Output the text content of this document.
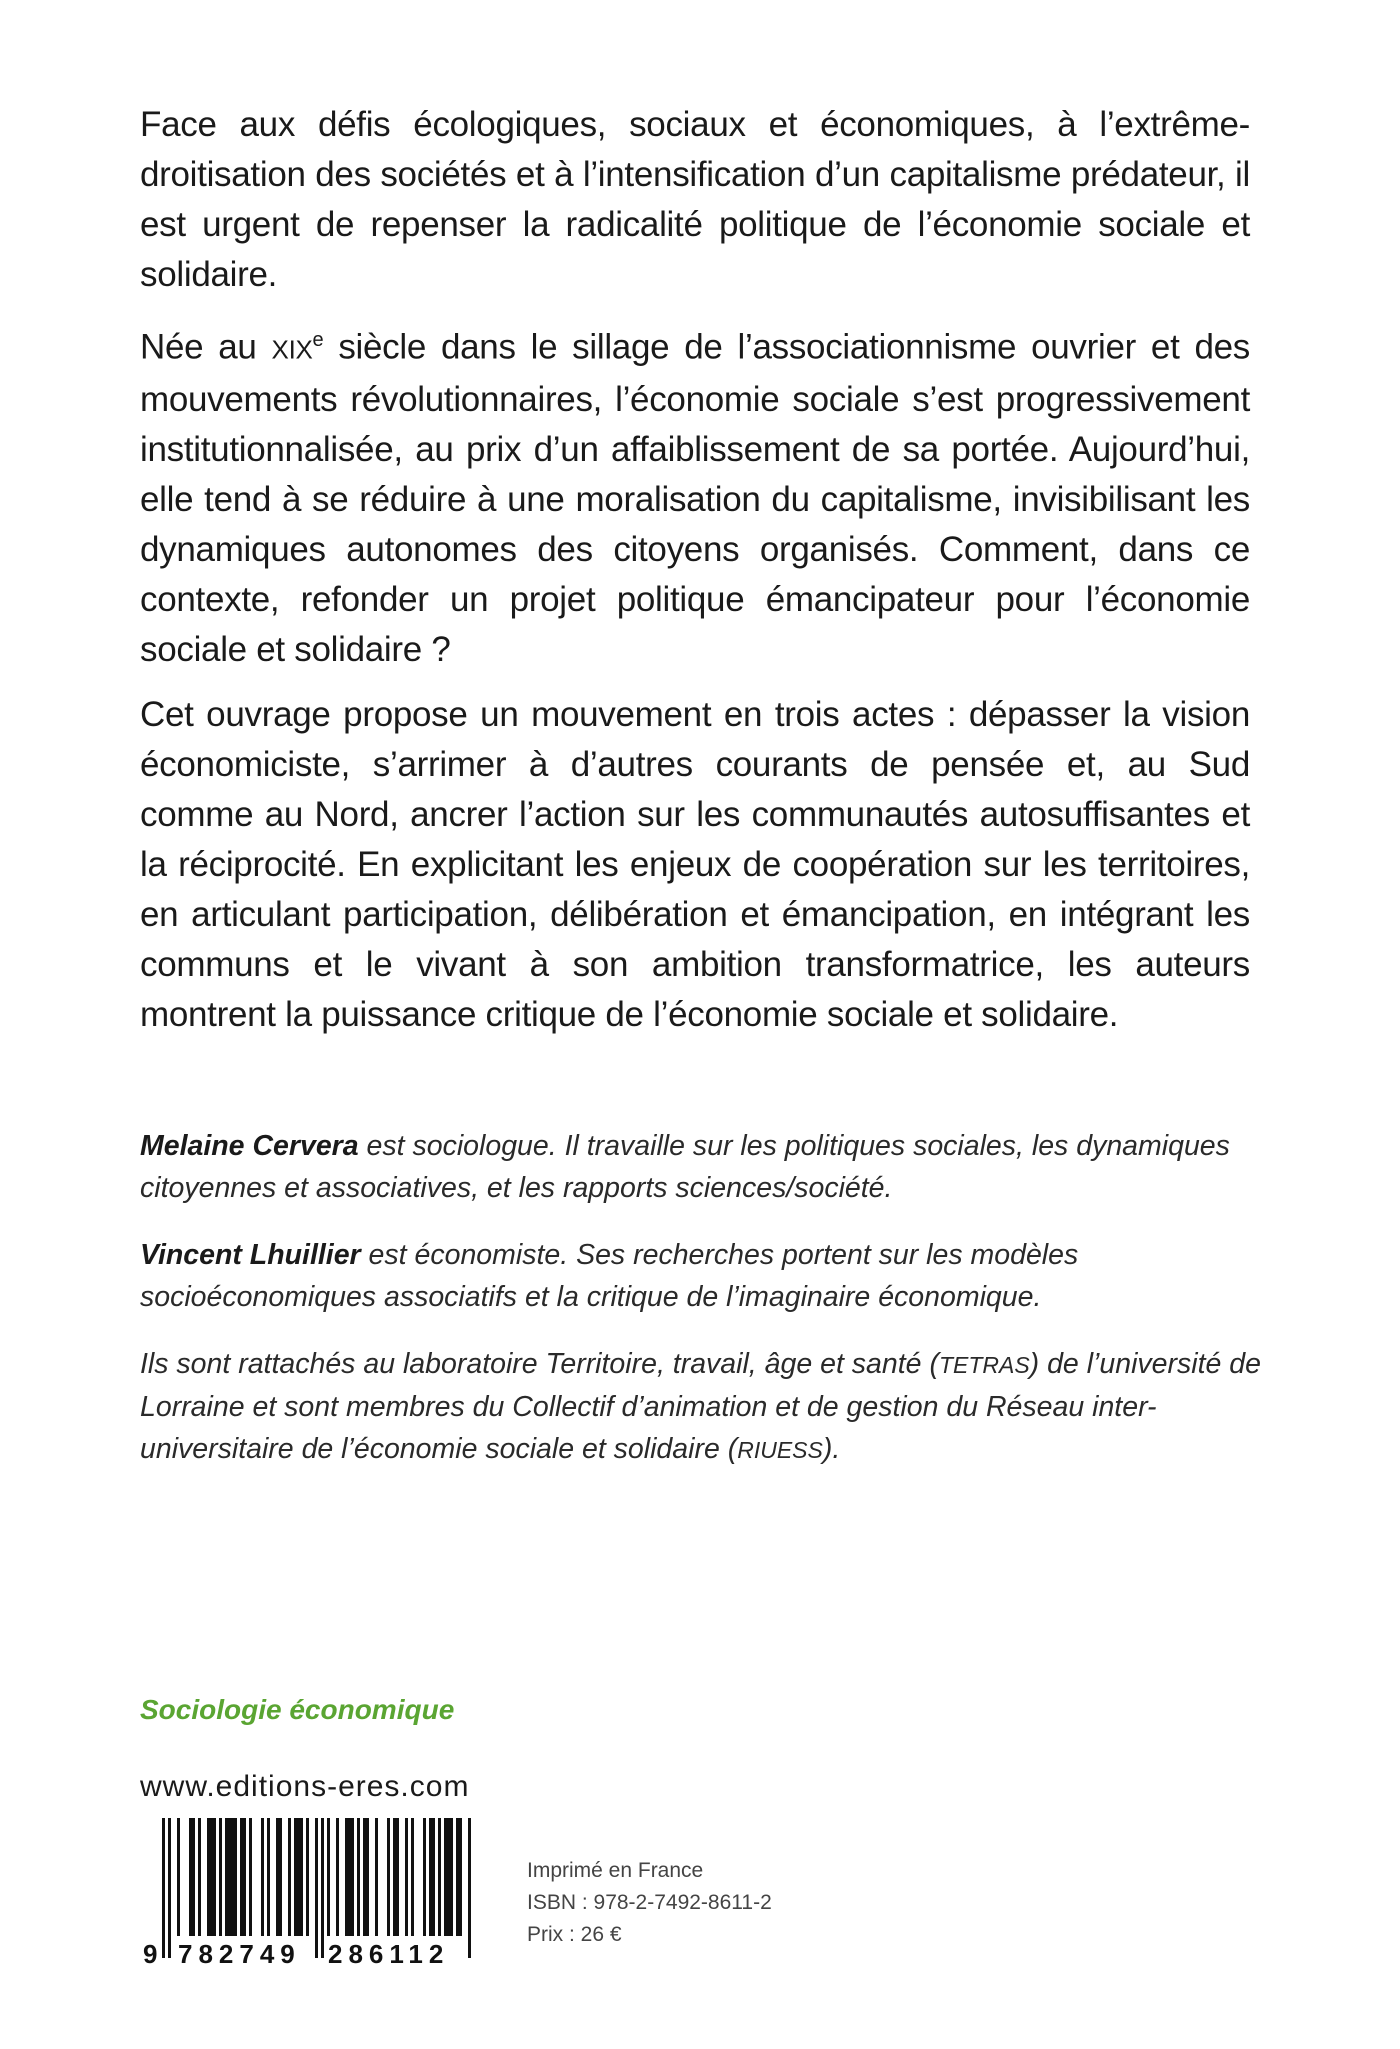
Face aux défis écologiques, sociaux et économiques, à l’extrême-droitisation des sociétés et à l’intensification d’un capitalisme prédateur, il est urgent de repenser la radicalité politique de l’économie sociale et solidaire.

Née au XIXe siècle dans le sillage de l’associationnisme ouvrier et des mouvements révolutionnaires, l’économie sociale s’est progressivement institutionnalisée, au prix d’un affaiblissement de sa portée. Aujourd’hui, elle tend à se réduire à une moralisation du capitalisme, invisibilisant les dynamiques autonomes des citoyens organisés. Comment, dans ce contexte, refonder un projet politique émancipateur pour l’économie sociale et solidaire ?

Cet ouvrage propose un mouvement en trois actes : dépasser la vision économiciste, s’arrimer à d’autres courants de pensée et, au Sud comme au Nord, ancrer l’action sur les communautés autosuffisantes et la réciprocité. En explicitant les enjeux de coopération sur les territoires, en articulant participation, délibération et émancipation, en intégrant les communs et le vivant à son ambition transformatrice, les auteurs montrent la puissance critique de l’économie sociale et solidaire.

Melaine Cervera est sociologue. Il travaille sur les politiques sociales, les dynamiques citoyennes et associatives, et les rapports sciences/société.

Vincent Lhuillier est économiste. Ses recherches portent sur les modèles socioéconomiques associatifs et la critique de l’imaginaire économique.

Ils sont rattachés au laboratoire Territoire, travail, âge et santé (TETRAS) de l’université de Lorraine et sont membres du Collectif d’animation et de gestion du Réseau inter-universitaire de l’économie sociale et solidaire (RIUESS).

Sociologie économique
www.editions-eres.com
9 782749 286112
Imprimé en France
ISBN : 978-2-7492-8611-2
Prix : 26 €
